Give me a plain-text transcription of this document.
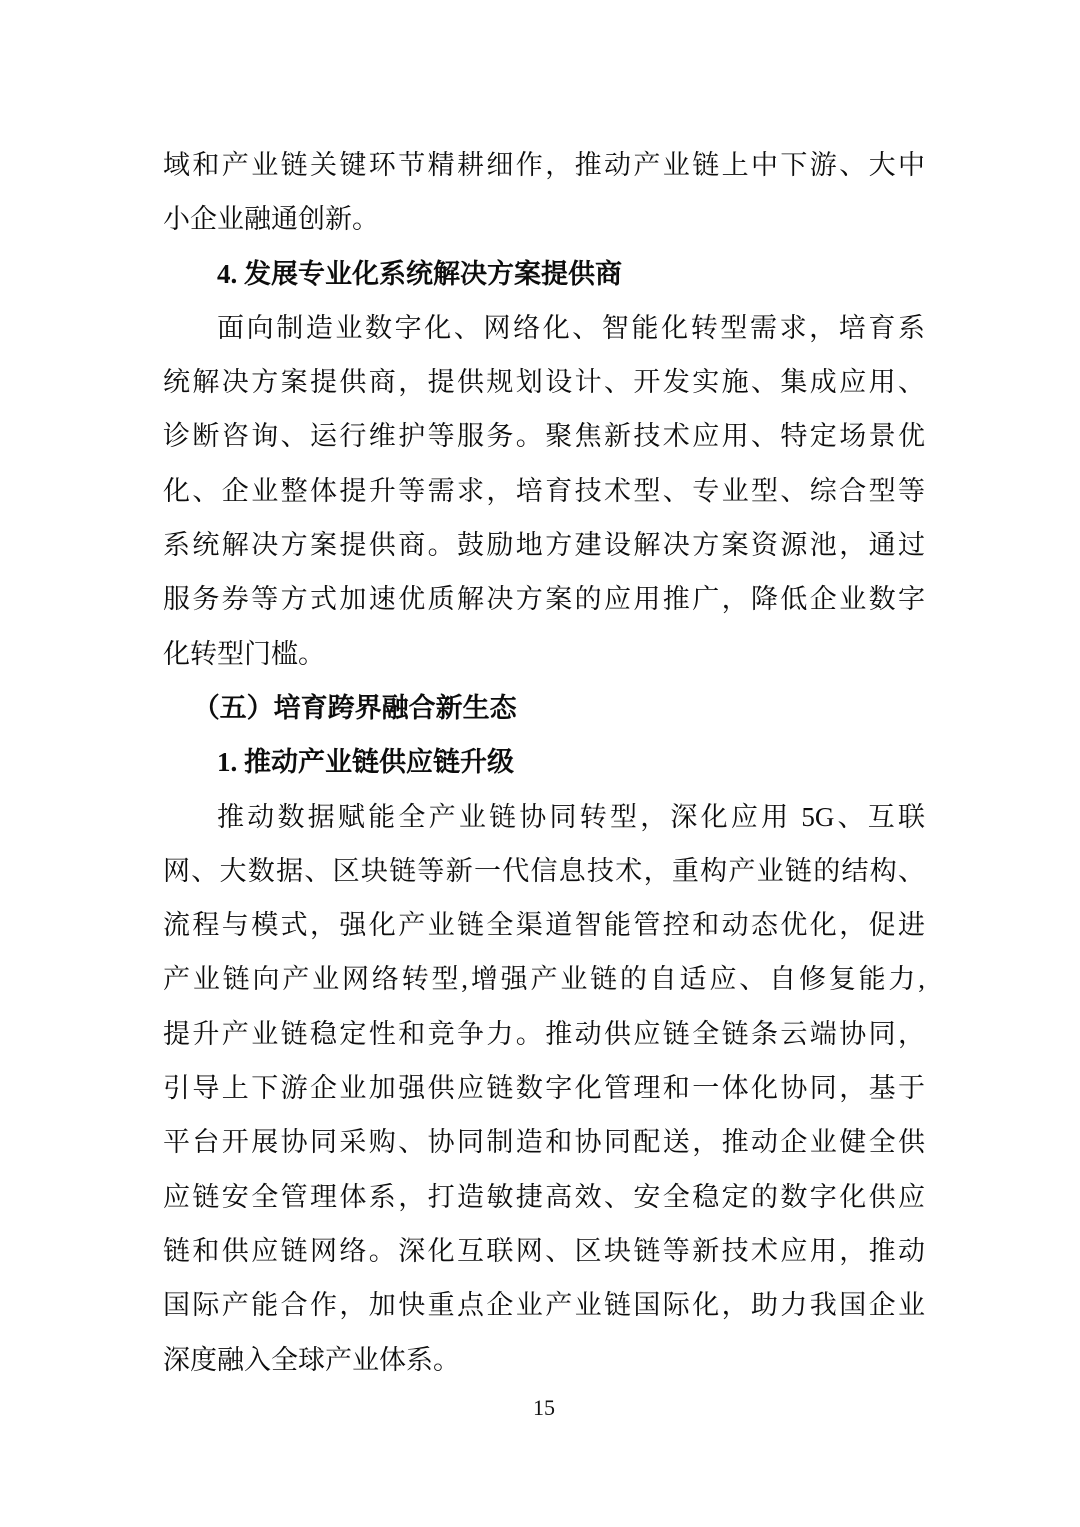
域和产业链关键环节精耕细作，推动产业链上中下游、大中
小企业融通创新。
4. 发展专业化系统解决方案提供商
面向制造业数字化、网络化、智能化转型需求，培育系
统解决方案提供商，提供规划设计、开发实施、集成应用、
诊断咨询、运行维护等服务。聚焦新技术应用、特定场景优
化、企业整体提升等需求，培育技术型、专业型、综合型等
系统解决方案提供商。鼓励地方建设解决方案资源池，通过
服务券等方式加速优质解决方案的应用推广，降低企业数字
化转型门槛。
（五）培育跨界融合新生态
1. 推动产业链供应链升级
推动数据赋能全产业链协同转型，深化应用 5G、互联
网、大数据、区块链等新一代信息技术，重构产业链的结构、
流程与模式，强化产业链全渠道智能管控和动态优化，促进
产业链向产业网络转型,增强产业链的自适应、自修复能力,
提升产业链稳定性和竞争力。推动供应链全链条云端协同，
引导上下游企业加强供应链数字化管理和一体化协同，基于
平台开展协同采购、协同制造和协同配送，推动企业健全供
应链安全管理体系，打造敏捷高效、安全稳定的数字化供应
链和供应链网络。深化互联网、区块链等新技术应用，推动
国际产能合作，加快重点企业产业链国际化，助力我国企业
深度融入全球产业体系。
15
